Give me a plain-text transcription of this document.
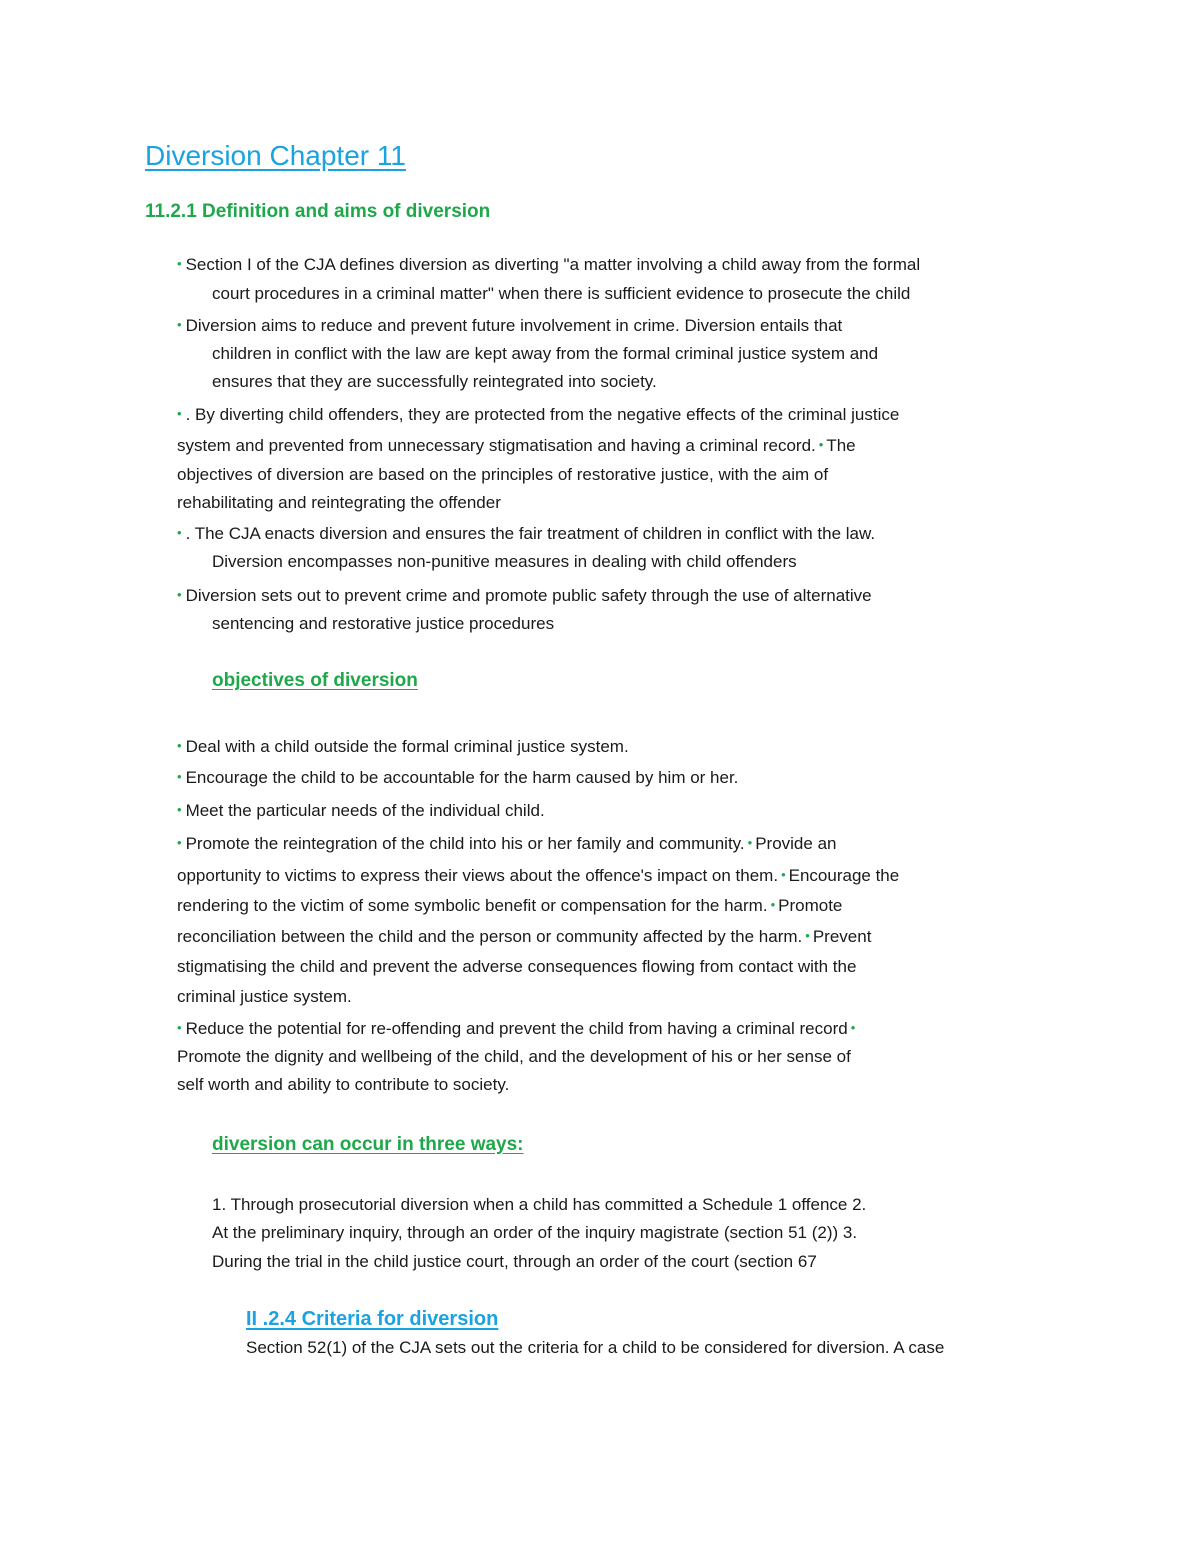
Diversion Chapter 11
11.2.1 Definition and aims of diversion
• Section I of the CJA defines diversion as diverting "a matter involving a child away from the formal
court procedures in a criminal matter" when there is sufficient evidence to prosecute the child
• Diversion aims to reduce and prevent future involvement in crime. Diversion entails that
children in conflict with the law are kept away from the formal criminal justice system and
ensures that they are successfully reintegrated into society.
• . By diverting child offenders, they are protected from the negative effects of the criminal justice
system and prevented from unnecessary stigmatisation and having a criminal record. • The
objectives of diversion are based on the principles of restorative justice, with the aim of
rehabilitating and reintegrating the offender
• . The CJA enacts diversion and ensures the fair treatment of children in conflict with the law.
Diversion encompasses non-punitive measures in dealing with child offenders
• Diversion sets out to prevent crime and promote public safety through the use of alternative
sentencing and restorative justice procedures
objectives of diversion
• Deal with a child outside the formal criminal justice system.
• Encourage the child to be accountable for the harm caused by him or her.
• Meet the particular needs of the individual child.
• Promote the reintegration of the child into his or her family and community. • Provide an
opportunity to victims to express their views about the offence's impact on them. • Encourage the
rendering to the victim of some symbolic benefit or compensation for the harm. • Promote
reconciliation between the child and the person or community affected by the harm. • Prevent
stigmatising the child and prevent the adverse consequences flowing from contact with the
criminal justice system.
• Reduce the potential for re-offending and prevent the child from having a criminal record •
Promote the dignity and wellbeing of the child, and the development of his or her sense of
self worth and ability to contribute to society.
diversion can occur in three ways:
1. Through prosecutorial diversion when a child has committed a Schedule 1 offence 2.
At the preliminary inquiry, through an order of the inquiry magistrate (section 51 (2)) 3.
During the trial in the child justice court, through an order of the court (section 67
II .2.4 Criteria for diversion
Section 52(1) of the CJA sets out the criteria for a child to be considered for diversion. A case
